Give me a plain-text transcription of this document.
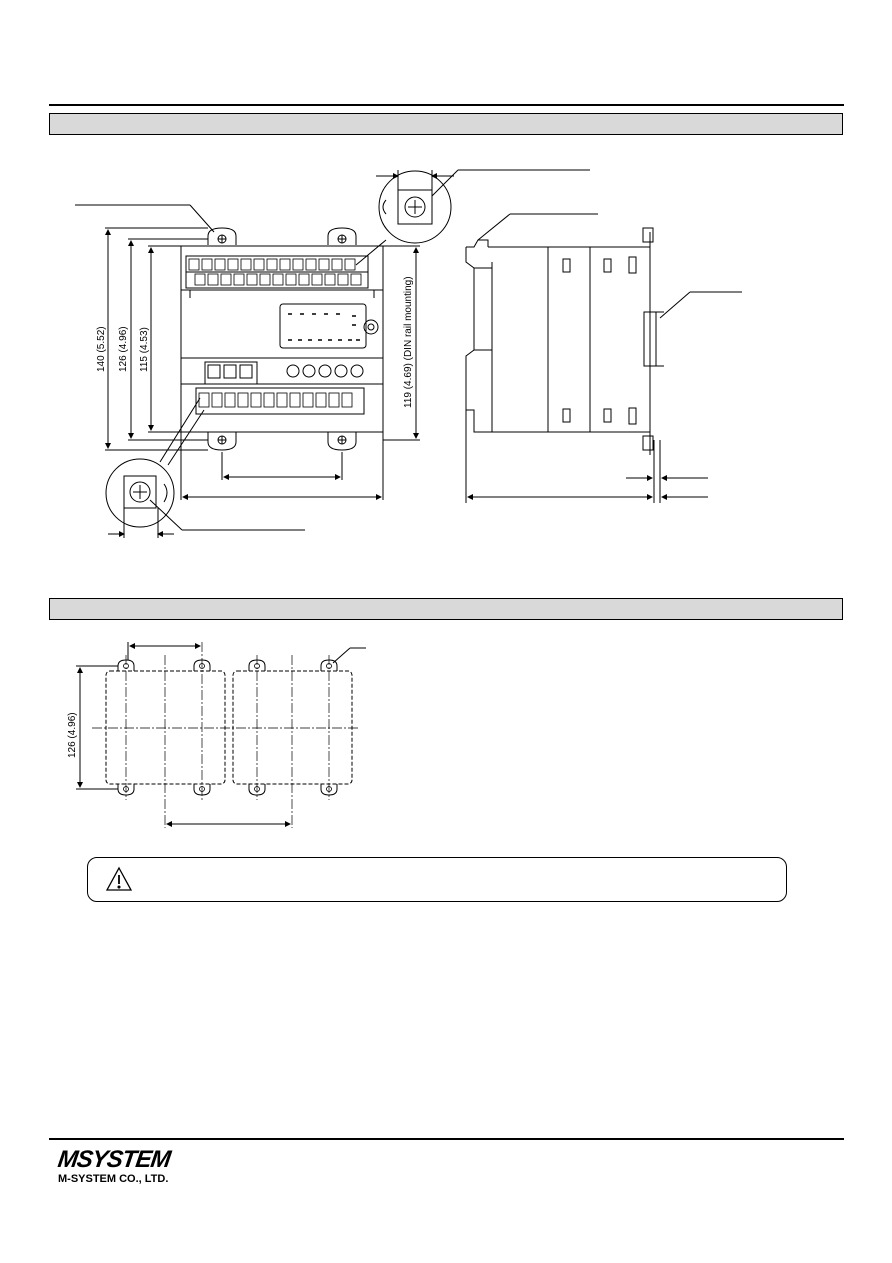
140 (5.52) 126 (4.96) 115 (4.53)	119 (4.69) (DIN rail mounting)
126 (4.96)
MSYSTEM
M-SYSTEM CO., LTD.
